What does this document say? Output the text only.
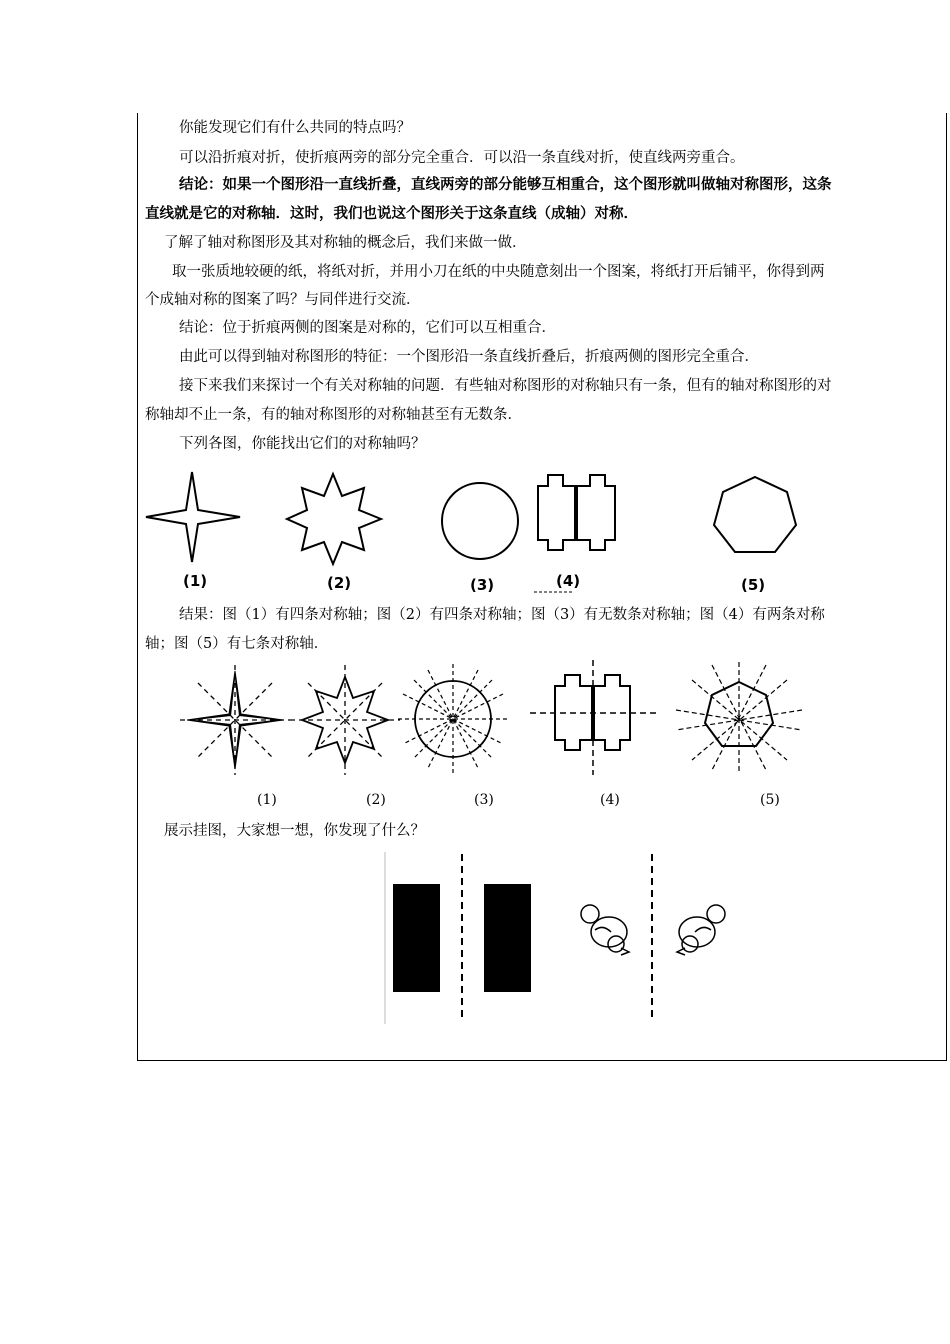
你能发现它们有什么共同的特点吗？
可以沿折痕对折，使折痕两旁的部分完全重合．可以沿一条直线对折，使直线两旁重合。
结论：如果一个图形沿一直线折叠，直线两旁的部分能够互相重合，这个图形就叫做轴对称图形，这条
直线就是它的对称轴．这时，我们也说这个图形关于这条直线（成轴）对称．
了解了轴对称图形及其对称轴的概念后，我们来做一做．
取一张质地较硬的纸，将纸对折，并用小刀在纸的中央随意刻出一个图案，将纸打开后铺平，你得到两
个成轴对称的图案了吗？与同伴进行交流．
结论：位于折痕两侧的图案是对称的，它们可以互相重合．
由此可以得到轴对称图形的特征：一个图形沿一条直线折叠后，折痕两侧的图形完全重合．
接下来我们来探讨一个有关对称轴的问题．有些轴对称图形的对称轴只有一条，但有的轴对称图形的对
称轴却不止一条，有的轴对称图形的对称轴甚至有无数条．
下列各图，你能找出它们的对称轴吗？
(1)	(2)	(3)	(4)	(5)
结果：图（1）有四条对称轴；图（2）有四条对称轴；图（3）有无数条对称轴；图（4）有两条对称
轴；图（5）有七条对称轴．
(1)	(2)	(3)	(4)	(5)
展示挂图，大家想一想，你发现了什么？
